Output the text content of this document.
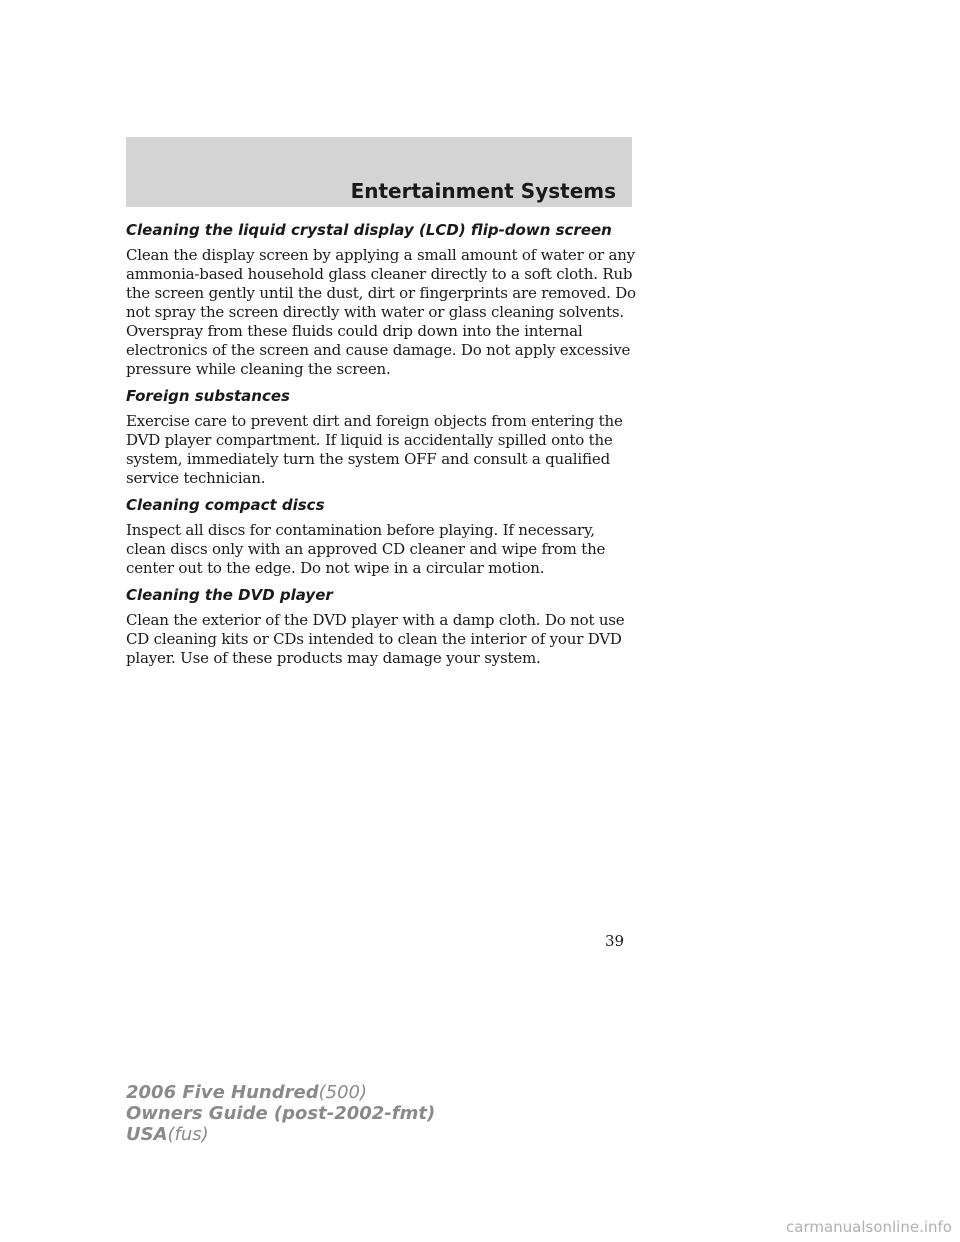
Entertainment Systems
Cleaning the liquid crystal display (LCD) flip-down screen

Clean the display screen by applying a small amount of water or any ammonia-based household glass cleaner directly to a soft cloth. Rub the screen gently until the dust, dirt or fingerprints are removed. Do not spray the screen directly with water or glass cleaning solvents. Overspray from these fluids could drip down into the internal electronics of the screen and cause damage. Do not apply excessive pressure while cleaning the screen.

Foreign substances

Exercise care to prevent dirt and foreign objects from entering the DVD player compartment. If liquid is accidentally spilled onto the system, immediately turn the system OFF and consult a qualified service technician.

Cleaning compact discs

Inspect all discs for contamination before playing. If necessary, clean discs only with an approved CD cleaner and wipe from the center out to the edge. Do not wipe in a circular motion.

Cleaning the DVD player

Clean the exterior of the DVD player with a damp cloth. Do not use CD cleaning kits or CDs intended to clean the interior of your DVD player. Use of these products may damage your system.

39
2006 Five Hundred(500)
Owners Guide (post-2002-fmt)
USA(fus)
carmanualsonline.info
